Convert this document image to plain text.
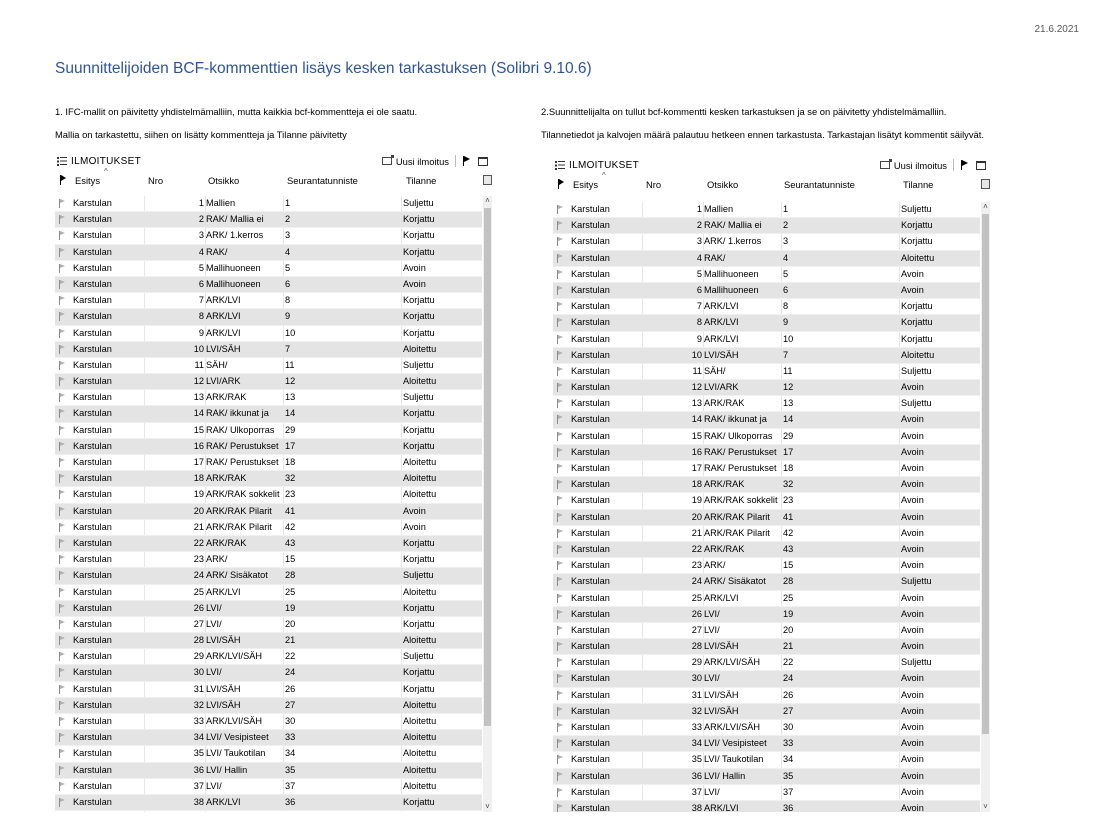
21.6.2021
Suunnittelijoiden BCF-kommenttien lisäys kesken tarkastuksen (Solibri 9.10.6)
1. IFC-mallit on päivitetty yhdistelmämalliin, mutta kaikkia bcf-kommentteja ei ole saatu.
Mallia on tarkastettu, siihen on lisätty kommentteja ja Tilanne päivitetty
2.Suunnittelijalta on tullut bcf-kommentti kesken tarkastuksen ja se on päivitetty yhdistelmämalliin.
Tilannetiedot ja kalvojen määrä palautuu hetkeen ennen tarkastusta. Tarkastajan lisätyt kommentit säilyvät.
ILMOITUKSET	Uusi ilmoitus
^
Esitys	Nro	Otsikko	Seurantatunniste	Tilanne
Karstulan	1 Mallien	1	Suljettu
Karstulan	2 RAK/ Mallia ei	2	Korjattu
Karstulan	3 ARK/ 1.kerros	3	Korjattu
Karstulan	4 RAK/	4	Korjattu
Karstulan	5 Mallihuoneen	5	Avoin
Karstulan	6 Mallihuoneen	6	Avoin
Karstulan	7 ARK/LVI	8	Korjattu
Karstulan	8 ARK/LVI	9	Korjattu
Karstulan	9 ARK/LVI	10	Korjattu
Karstulan	10 LVI/SÄH	7	Aloitettu
Karstulan	11 SÄH/	11	Suljettu
Karstulan	12 LVI/ARK	12	Aloitettu
Karstulan	13 ARK/RAK	13	Suljettu
Karstulan	14 RAK/ ikkunat ja	14	Korjattu
Karstulan	15 RAK/ Ulkoporras	29	Korjattu
Karstulan	16 RAK/ Perustukset 17	Korjattu
Karstulan	17 RAK/ Perustukset 18	Aloitettu
Karstulan	18 ARK/RAK	32	Aloitettu
Karstulan	19 ARK/RAK sokkelit 23	Aloitettu
Karstulan	20 ARK/RAK Pilarit	41	Avoin
Karstulan	21 ARK/RAK Pilarit	42	Avoin
Karstulan	22 ARK/RAK	43	Korjattu
Karstulan	23 ARK/	15	Korjattu
Karstulan	24 ARK/ Sisäkatot	28	Suljettu
Karstulan	25 ARK/LVI	25	Aloitettu
Karstulan	26 LVI/	19	Korjattu
Karstulan	27 LVI/	20	Korjattu
Karstulan	28 LVI/SÄH	21	Aloitettu
Karstulan	29 ARK/LVI/SÄH	22	Suljettu
Karstulan	30 LVI/	24	Korjattu
Karstulan	31 LVI/SÄH	26	Korjattu
Karstulan	32 LVI/SÄH	27	Aloitettu
Karstulan	33 ARK/LVI/SÄH	30	Aloitettu
Karstulan	34 LVI/ Vesipisteet	33	Aloitettu
Karstulan	35 LVI/ Taukotilan	34	Aloitettu
Karstulan	36 LVI/ Hallin	35	Aloitettu
Karstulan	37 LVI/	37	Aloitettu
Karstulan	38 ARK/LVI	36	Korjattu
˄
˅
ILMOITUKSET	Uusi ilmoitus
^
Esitys	Nro	Otsikko	Seurantatunniste	Tilanne
Karstulan	1 Mallien	1	Suljettu
Karstulan	2 RAK/ Mallia ei	2	Korjattu
Karstulan	3 ARK/ 1.kerros	3	Korjattu
Karstulan	4 RAK/	4	Aloitettu
Karstulan	5 Mallihuoneen	5	Avoin
Karstulan	6 Mallihuoneen	6	Avoin
Karstulan	7 ARK/LVI	8	Korjattu
Karstulan	8 ARK/LVI	9	Korjattu
Karstulan	9 ARK/LVI	10	Korjattu
Karstulan	10 LVI/SÄH	7	Aloitettu
Karstulan	11 SÄH/	11	Suljettu
Karstulan	12 LVI/ARK	12	Avoin
Karstulan	13 ARK/RAK	13	Suljettu
Karstulan	14 RAK/ ikkunat ja	14	Avoin
Karstulan	15 RAK/ Ulkoporras	29	Avoin
Karstulan	16 RAK/ Perustukset 17	Avoin
Karstulan	17 RAK/ Perustukset 18	Avoin
Karstulan	18 ARK/RAK	32	Avoin
Karstulan	19 ARK/RAK sokkelit 23	Avoin
Karstulan	20 ARK/RAK Pilarit	41	Avoin
Karstulan	21 ARK/RAK Pilarit	42	Avoin
Karstulan	22 ARK/RAK	43	Avoin
Karstulan	23 ARK/	15	Avoin
Karstulan	24 ARK/ Sisäkatot	28	Suljettu
Karstulan	25 ARK/LVI	25	Avoin
Karstulan	26 LVI/	19	Avoin
Karstulan	27 LVI/	20	Avoin
Karstulan	28 LVI/SÄH	21	Avoin
Karstulan	29 ARK/LVI/SÄH	22	Suljettu
Karstulan	30 LVI/	24	Avoin
Karstulan	31 LVI/SÄH	26	Avoin
Karstulan	32 LVI/SÄH	27	Avoin
Karstulan	33 ARK/LVI/SÄH	30	Avoin
Karstulan	34 LVI/ Vesipisteet	33	Avoin
Karstulan	35 LVI/ Taukotilan	34	Avoin
Karstulan	36 LVI/ Hallin	35	Avoin
Karstulan	37 LVI/	37	Avoin
Karstulan	38 ARK/LVI	36	Avoin
˄
˅
